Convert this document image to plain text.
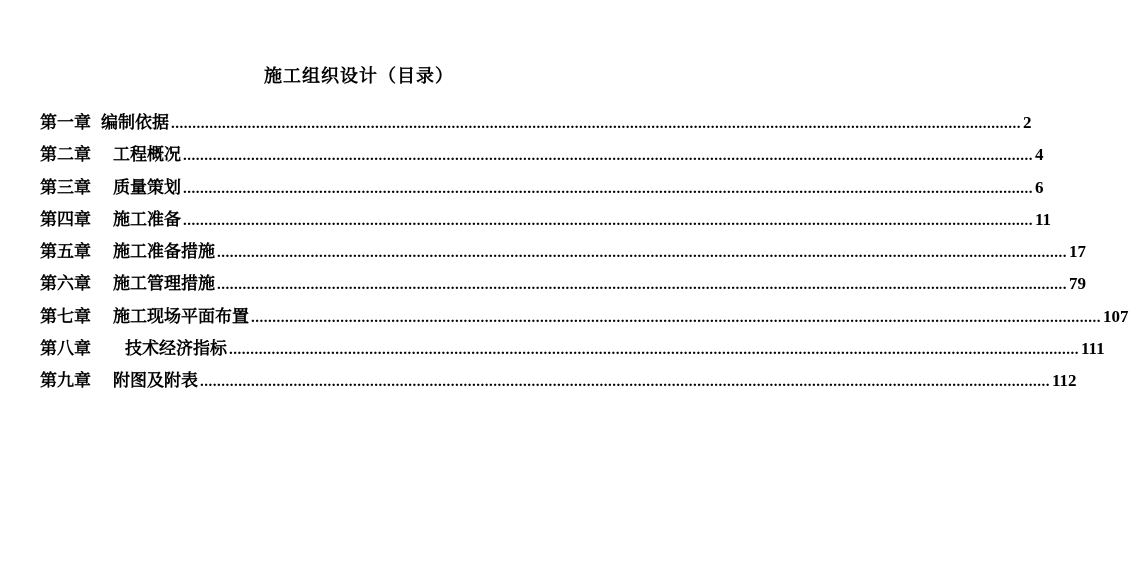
施工组织设计（目录）
第一章 编制依据 ........................................................................................................................................................................................................ 2
第二章 工程概况 ........................................................................................................................................................................................................ 4
第三章 质量策划 ........................................................................................................................................................................................................ 6
第四章 施工准备 ........................................................................................................................................................................................................ 11
第五章 施工准备措施 ........................................................................................................................................................................................................ 17
第六章 施工管理措施 ........................................................................................................................................................................................................ 79
第七章 施工现场平面布置 ........................................................................................................................................................................................................ 107
第八章 技术经济指标 ........................................................................................................................................................................................................ 111
第九章 附图及附表 ........................................................................................................................................................................................................ 112
